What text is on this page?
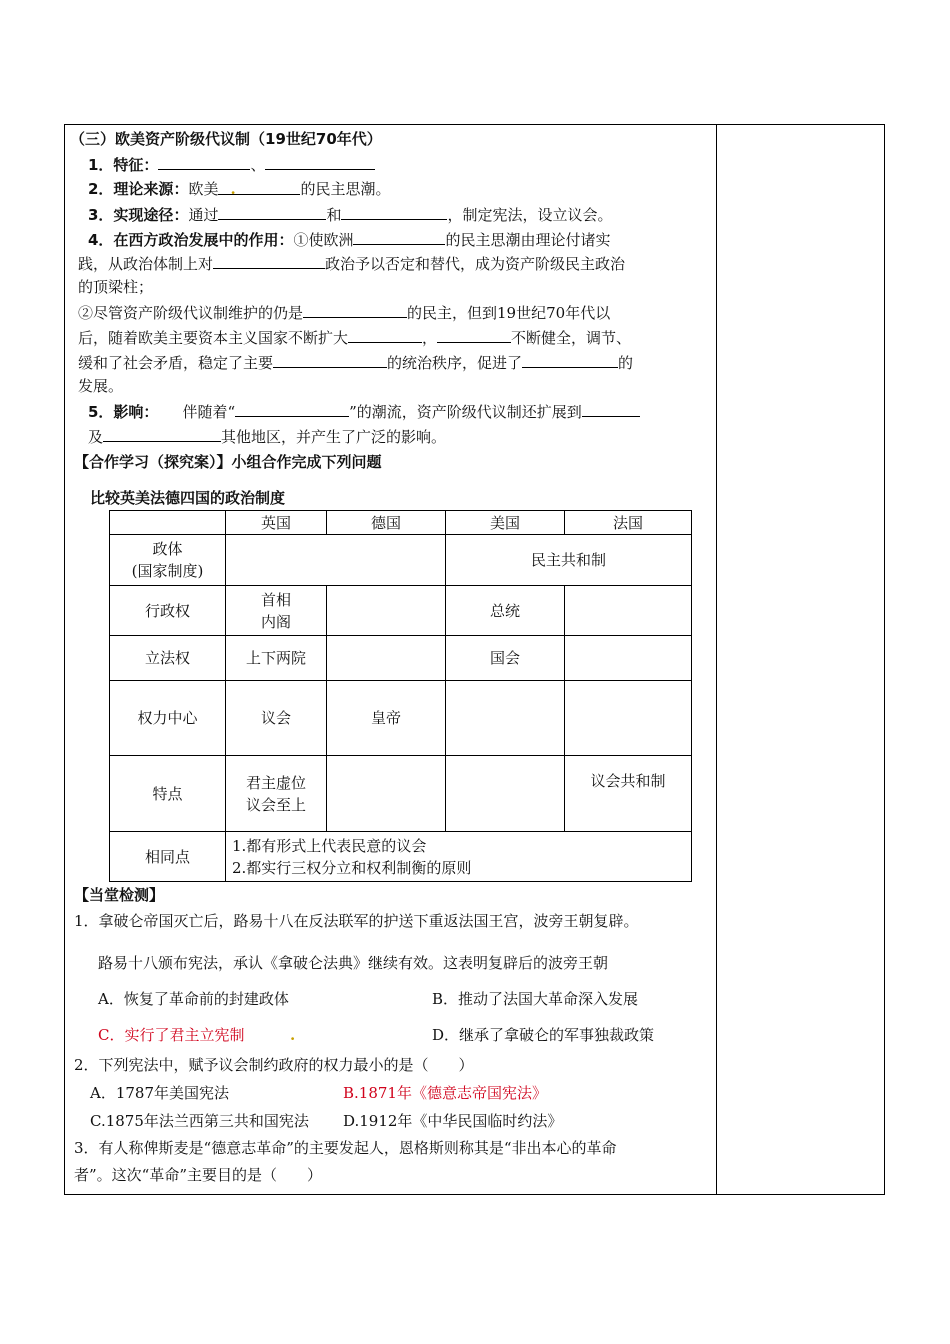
（三）欧美资产阶级代议制（19世纪70年代）
1．特征：	、
2．理论来源：欧美 .	的民主思潮。
3．实现途径：通过	和	，制定宪法，设立议会。
4．在西方政治发展中的作用：①使欧洲	的民主思潮由理论付诸实
践，从政治体制上对	政治予以否定和替代，成为资产阶级民主政治
的顶梁柱；
②尽管资产阶级代议制维护的仍是	的民主，但到19世纪70年代以
后，随着欧美主要资本主义国家不断扩大	，	不断健全，调节、
缓和了社会矛盾，稳定了主要	的统治秩序，促进了	的
发展。
5．影响： 伴随着“	”的潮流，资产阶级代议制还扩展到
及	其他地区，并产生了广泛的影响。
【合作学习（探究案）】小组合作完成下列问题
比较英美法德四国的政治制度
	英国	德国	美国	法国

政体
(国家制度)			民主共和制	
行政权	首相
内阁		总统	
立法权	上下两院		国会	
权力中心	议会	皇帝		
特点	君主虚位
议会至上			议会共和制
相同点	1.都有形式上代表民意的议会
2.都实行三权分立和权利制衡的原则			
【当堂检测】
1．拿破仑帝国灭亡后，路易十八在反法联军的护送下重返法国王宫，波旁王朝复辟。
路易十八颁布宪法，承认《拿破仑法典》继续有效。这表明复辟后的波旁王朝
A．恢复了革命前的封建政体	B．推动了法国大革命深入发展
C．实行了君主立宪制	.	D．继承了拿破仑的军事独裁政策
2．下列宪法中，赋予议会制约政府的权力最小的是（　　）
A．1787年美国宪法	B.1871年《德意志帝国宪法》
C.1875年法兰西第三共和国宪法 D.1912年《中华民国临时约法》
3．有人称俾斯麦是“德意志革命”的主要发起人，恩格斯则称其是“非出本心的革命
者”。这次“革命”主要目的是（　　）
